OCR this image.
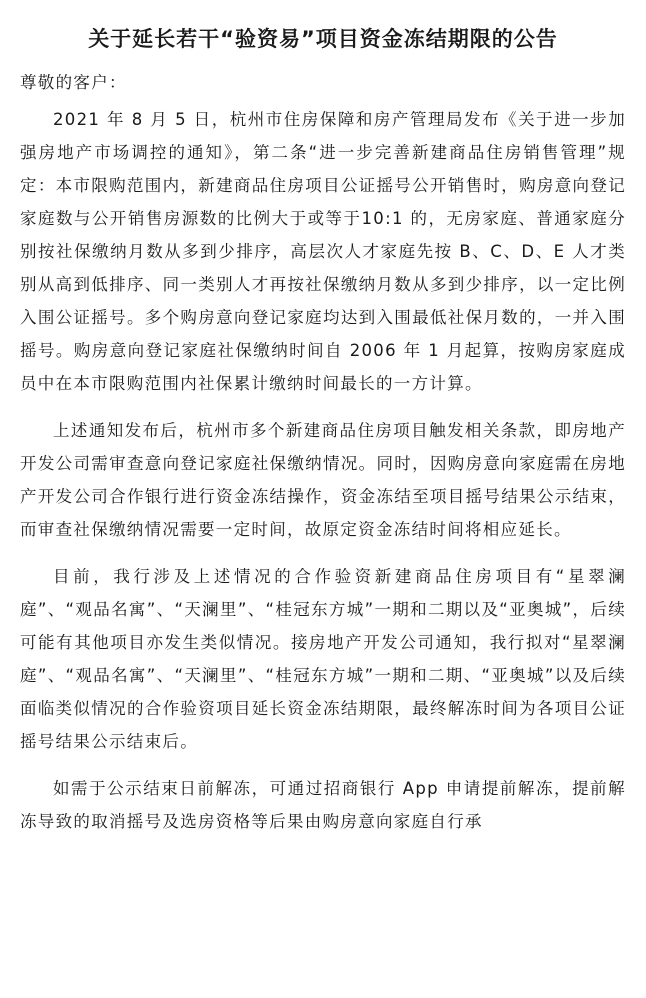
关于延长若干“验资易”项目资金冻结期限的公告

尊敬的客户：

2021 年 8 月 5 日，杭州市住房保障和房产管理局发布《关于进一步加强房地产市场调控的通知》，第二条“进一步完善新建商品住房销售管理”规定：本市限购范围内，新建商品住房项目公证摇号公开销售时，购房意向登记家庭数与公开销售房源数的比例大于或等于10:1 的，无房家庭、普通家庭分别按社保缴纳月数从多到少排序，高层次人才家庭先按 B、C、D、E 人才类别从高到低排序、同一类别人才再按社保缴纳月数从多到少排序，以一定比例入围公证摇号。多个购房意向登记家庭均达到入围最低社保月数的，一并入围摇号。购房意向登记家庭社保缴纳时间自 2006 年 1 月起算，按购房家庭成员中在本市限购范围内社保累计缴纳时间最长的一方计算。

上述通知发布后，杭州市多个新建商品住房项目触发相关条款，即房地产开发公司需审查意向登记家庭社保缴纳情况。同时，因购房意向家庭需在房地产开发公司合作银行进行资金冻结操作，资金冻结至项目摇号结果公示结束，而审查社保缴纳情况需要一定时间，故原定资金冻结时间将相应延长。

目前，我行涉及上述情况的合作验资新建商品住房项目有“星翠澜庭”、“观品名寓”、“天澜里”、“桂冠东方城”一期和二期以及“亚奥城”，后续可能有其他项目亦发生类似情况。接房地产开发公司通知，我行拟对“星翠澜庭”、“观品名寓”、“天澜里”、“桂冠东方城”一期和二期、“亚奥城”以及后续面临类似情况的合作验资项目延长资金冻结期限，最终解冻时间为各项目公证摇号结果公示结束后。

如需于公示结束日前解冻，可通过招商银行 App 申请提前解冻，提前解冻导致的取消摇号及选房资格等后果由购房意向家庭自行承
